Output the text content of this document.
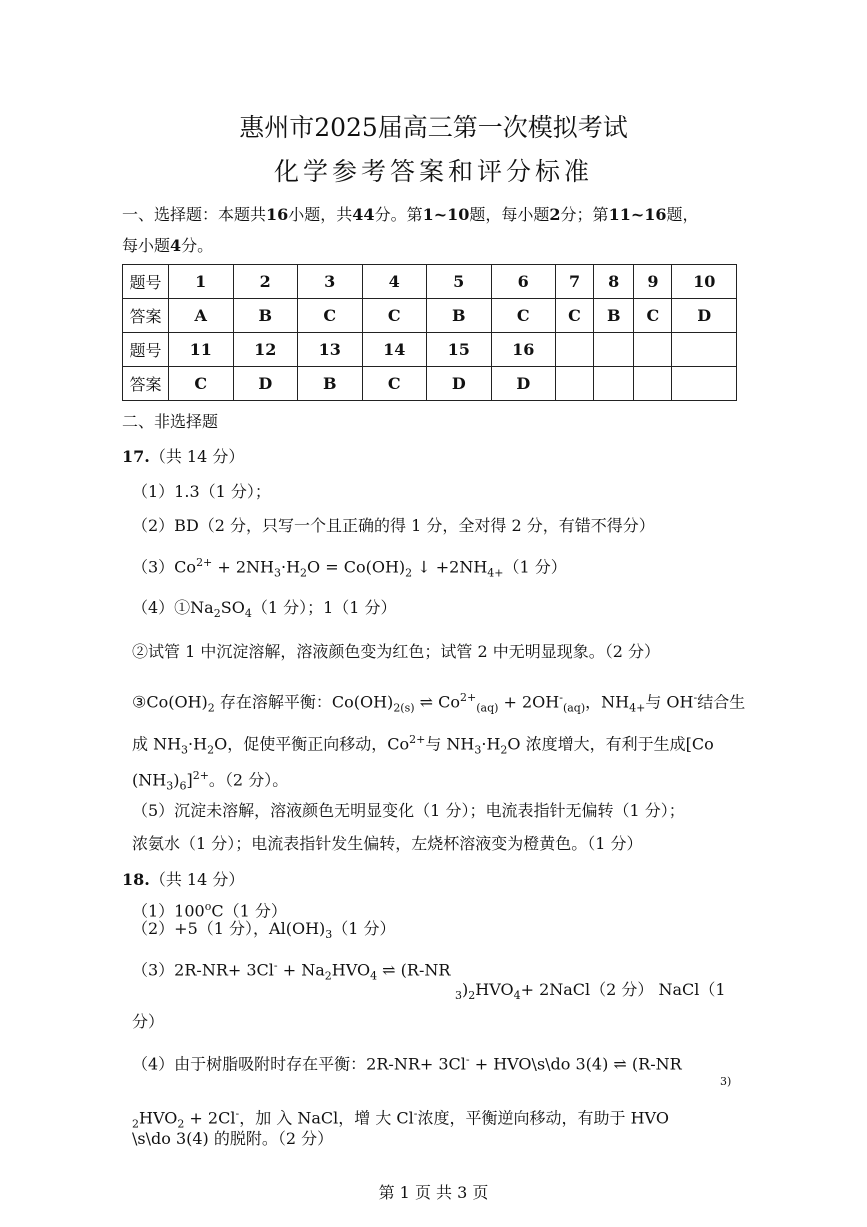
惠州市2025届高三第一次模拟考试
化学参考答案和评分标准
一、选择题：本题共16小题，共44分。第1~10题，每小题2分；第11~16题，
每小题4分。
题号	1	2	3	4	5	6	7	8	9	10
答案	A	B	C	C	B	C	C	B	C	D
题号	11	12	13	14	15	16				
答案	C	D	B	C	D	D				
二、非选择题
17.（共 14 分）
（1）1.3（1 分）；
（2）BD（2 分，只写一个且正确的得 1 分，全对得 2 分，有错不得分）
$(3)Co^{2+} + 2NH_3\cdot H_2O = Co(OH)_2$ ↓ $+2NH_{4+}(1$ 分）
$(4)①Na_2SO_4(1$ 分）；1（1 分）
②试管 1 中沉淀溶解，溶液颜色变为红色；试管 2 中无明显现象。（2 分）
$③Co(OH)_2$ 存在溶解平衡：$Co(OH)_{2(s)}$ ⇌ $Co^{2+}_{(aq)} + 2OH^-_{(aq)}$，$NH_{4+}$与 OH-结合生
成 $NH_3\cdot H_2O$，促使平衡正向移动，$Co^{2+}$与 $NH_3\cdot H_2O$ 浓度增大，有利于生成[Co
$(NH_3)_6]^{2+}$。（2 分）。
（5）沉淀未溶解，溶液颜色无明显变化（1 分）；电流表指针无偏转（1 分）；
浓氨水（1 分）；电流表指针发生偏转，左烧杯溶液变为橙黄色。（1 分）
18.（共 14 分）
（1）100$^o$C（1 分）
（2）+5（1 分），$Al(OH)_3(1$ 分）
$(3)2R-NR+ 3Cl^- + Na_2HVO_4$ ⇌ (R-NR
$_3)_2HVO_4+$ 2NaCl（2 分） NaCl（1
分）
（4）由于树脂吸附时存在平衡：2R-NR+ 3Cl- + HVO\s\do 3(4) ⇌ (R-NR
3)
$_2HVO_2 + 2Cl^-$，加 入 NaCl，增 大 Cl-浓度，平衡逆向移动，有助于 HVO
\s\do 3(4) 的脱附。（2 分）
第 1 页 共 3 页
